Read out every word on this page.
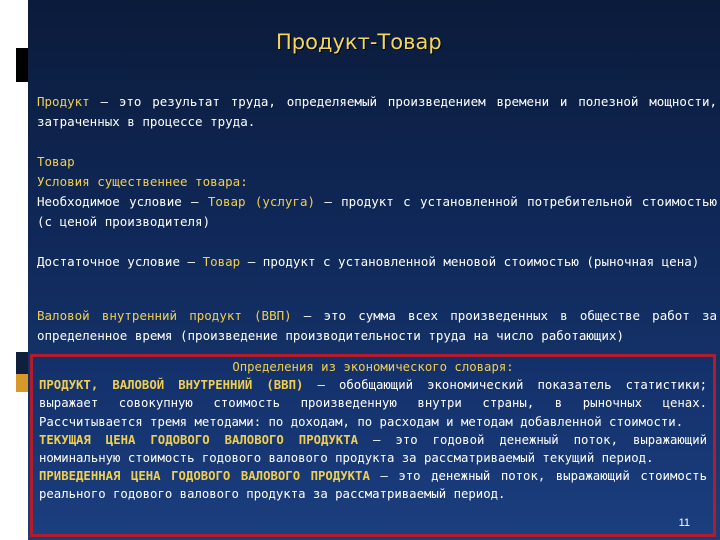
Продукт-Товар

Продукт — это результат труда, определяемый произведением времени и полезной мощности, затраченных в процессе труда.

Товар

Условия существеннее товара:

Необходимое условие – Товар (услуга) — продукт с установленной потребительной стоимостью (с ценой производителя)

Достаточное условие – Товар – продукт с установленной меновой стоимостью (рыночная цена)

Валовой внутренний продукт (ВВП) — это сумма всех произведенных в обществе работ за определенное время (произведение производительности труда на число работающих)

Определения из экономического словаря:

ПРОДУКТ, ВАЛОВОЙ ВНУТРЕННИЙ (ВВП) — обобщающий экономический показатель статистики; выражает совокупную стоимость произведенную внутри страны, в рыночных ценах. Рассчитывается тремя методами: по доходам, по расходам и методам добавленной стоимости.

ТЕКУЩАЯ ЦЕНА ГОДОВОГО ВАЛОВОГО ПРОДУКТА — это годовой денежный поток, выражающий номинальную стоимость годового валового продукта за рассматриваемый текущий период.

ПРИВЕДЕННАЯ ЦЕНА ГОДОВОГО ВАЛОВОГО ПРОДУКТА — это денежный поток, выражающий стоимость реального годового валового продукта за рассматриваемый период.

11
